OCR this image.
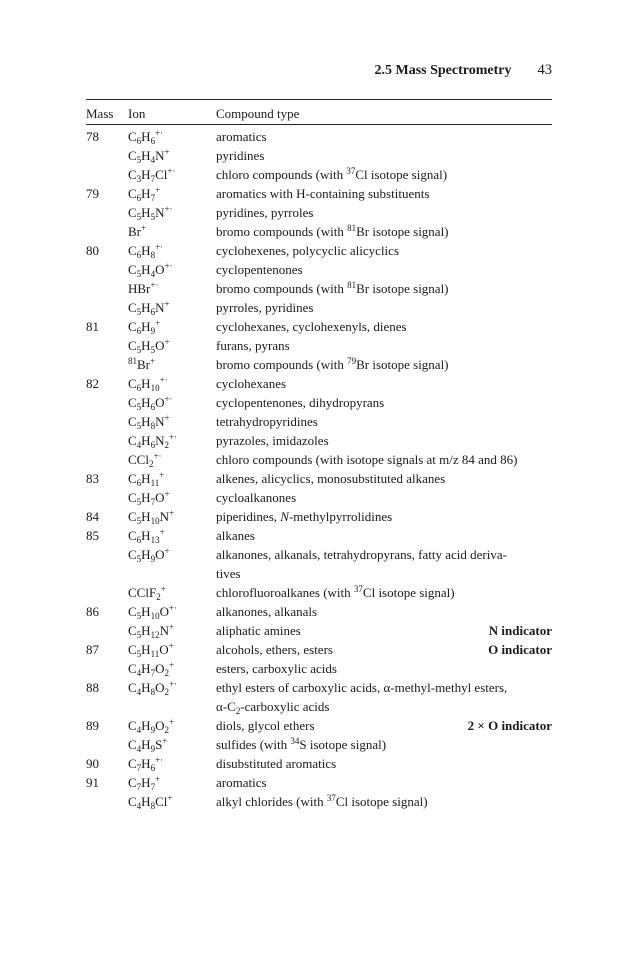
2.5 Mass Spectrometry 43
Mass Ion	Compound type
78	$C_6H_6^{+\cdot}$	aromatics
	$C_5H_4N^+$	pyridines
	$C_3H_7Cl^{+\cdot}$	chloro compounds (with $^{37}$Cl isotope signal)
79	$C_6H_7^+$	aromatics with H-containing substituents
	$C_5H_5N^{+\cdot}$	pyridines, pyrroles
	Br+	bromo compounds (with $^{81}$Br isotope signal)
80	$C_6H_8^{+\cdot}$	cyclohexenes, polycyclic alicyclics
	$C_5H_4O^{+\cdot}$	cyclopentenones
	HBr+·	bromo compounds (with $^{81}$Br isotope signal)
	$C_5H_6N^+$	pyrroles, pyridines
81	$C_6H_9^+$	cyclohexanes, cyclohexenyls, dienes
	$C_5H_5O^+$	furans, pyrans
	$^{81}$Br+	bromo compounds (with $^{79}$Br isotope signal)
82	$C_6H_{10}^{+\cdot}$	cyclohexanes
	$C_5H_6O^{+\cdot}$	cyclopentenones, dihydropyrans
	$C_5H_8N^+$	tetrahydropyridines
	$C_4H_6N_2^{+\cdot}$	pyrazoles, imidazoles
	CCl$_2$+·	chloro compounds (with isotope signals at m/z 84 and 86)
83	$C_6H_{11}^+$	alkenes, alicyclics, monosubstituted alkanes
	$C_5H_7O^+$	cycloalkanones
84	$C_5H_{10}N^+$	piperidines, N-methylpyrrolidines
85	$C_6H_{13}^+$	alkanes
	$C_5H_9O^+$	alkanones, alkanals, tetrahydropyrans, fatty acid deriva-
tives
	CClF$_2$+	chlorofluoroalkanes (with $^{37}$Cl isotope signal)
86	$C_5H_{10}O^{+\cdot}$	alkanones, alkanals
	$C_5H_{12}N^+$	aliphatic amines N indicator

87	$C_5H_{11}O^+$	alcohols, ethers, esters O indicator

	$C_4H_7O_2^+$	esters, carboxylic acids
88	$C_4H_8O_2^{+\cdot}$	ethyl esters of carboxylic acids, α-methyl-methyl esters,
$\alpha-C_2$-carboxylic acids
89	$C_4H_9O_2^+$	diols, glycol ethers 2 × O indicator

	$C_4H_9S^+$	sulfides (with $^{34}$S isotope signal)
90	$C_7H_6^{+\cdot}$	disubstituted aromatics
91	$C_7H_7^+$	aromatics
	$C_4H_8Cl^+$	alkyl chlorides (with $^{37}$Cl isotope signal)
